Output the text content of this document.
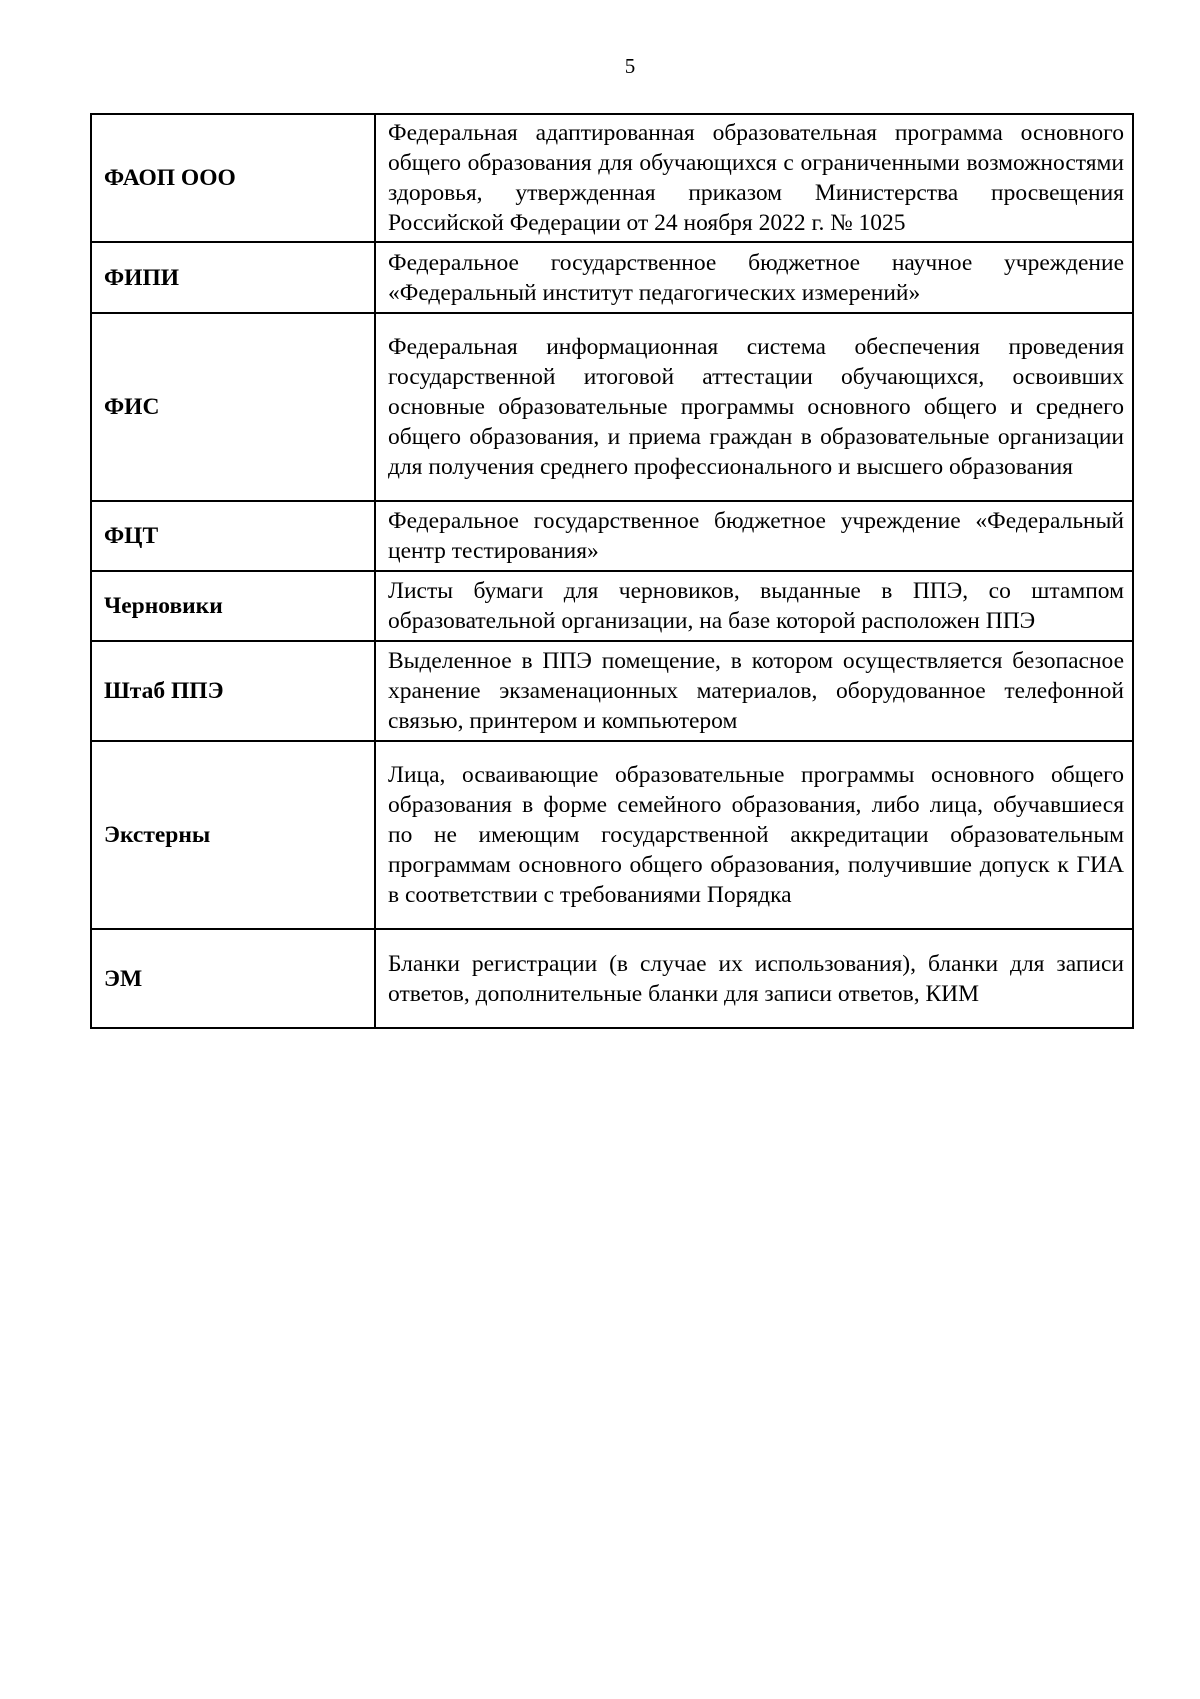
5
ФАОП ООО	Федеральная адаптированная образовательная программа основного общего образования для обучающихся с ограниченными возможностями здоровья, утвержденная приказом Министерства просвещения Российской Федерации от 24 ноября 2022 г. № 1025
ФИПИ	Федеральное государственное бюджетное научное учреждение «Федеральный институт педагогических измерений»
ФИС	Федеральная информационная система обеспечения проведения государственной итоговой аттестации обучающихся, освоивших основные образовательные программы основного общего и среднего общего образования, и приема граждан в образовательные организации для получения среднего профессионального и высшего образования
ФЦТ	Федеральное государственное бюджетное учреждение «Федеральный центр тестирования»
Черновики	Листы бумаги для черновиков, выданные в ППЭ, со штампом образовательной организации, на базе которой расположен ППЭ
Штаб ППЭ	Выделенное в ППЭ помещение, в котором осуществляется безопасное хранение экзаменационных материалов, оборудованное телефонной связью, принтером и компьютером
Экстерны	Лица, осваивающие образовательные программы основного общего образования в форме семейного образования, либо лица, обучавшиеся по не имеющим государственной аккредитации образовательным программам основного общего образования, получившие допуск к ГИА в соответствии с требованиями Порядка
ЭМ	Бланки регистрации (в случае их использования), бланки для записи ответов, дополнительные бланки для записи ответов, КИМ
